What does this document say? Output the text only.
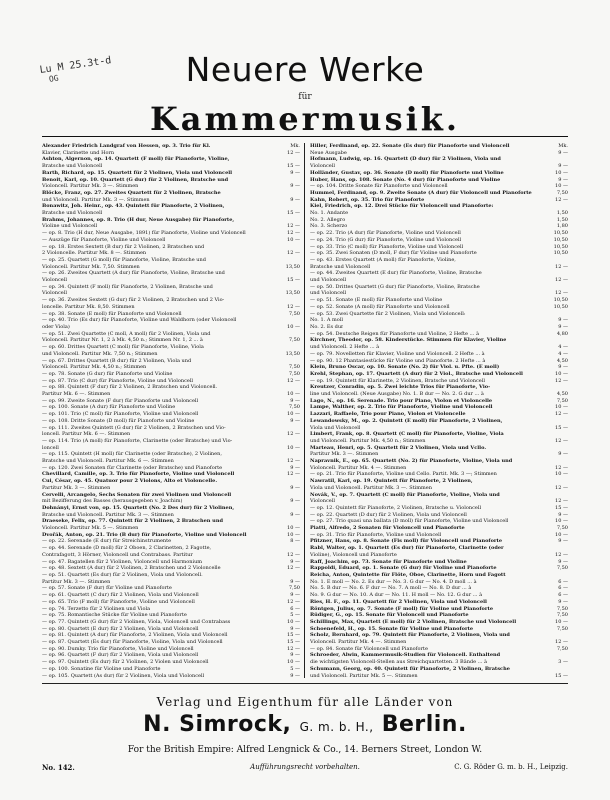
Lu M 25.3t-d
OG	Neuere Werke
für
Kammermusik.
Alexander Friedrich Landgraf von Hessen, op. 3. Trio für Kl.	Mk.
Klavier, Clarinette und Horn	12 —
Ashton, Algernon, op. 14. Quartett (F moll) für Pianoforte, Violine,
Bratsche und Violoncell	15 —
Barth, Richard, op. 15. Quartett für 2 Violinen, Viola und Violoncell	9 —
Benoit, Karl, op. 10. Quartett (G dur) für 2 Violinen, Bratsche und
Violoncell. Partitur Mk. 3 —. Stimmen	9 —
Blöcke, Franz, op. 27. Zweites Quartett für 2 Violinen, Bratsche
und Violoncell. Partitur Mk. 3 —. Stimmen	9 —
Bonawitz, Joh. Heinr., op. 43. Quintett für Pianoforte, 2 Violinen,
Bratsche und Violoncell	15 —
Brahms, Johannes, op. 8. Trio (H dur, Neue Ausgabe) für Pianoforte,
Violine und Violoncell	12 —
— op. 8. Trio (H dur, Neue Ausgabe, 1891) für Pianoforte, Violine und Violoncell	12 —
— Auszüge für Pianoforte, Violine und Violoncell	10 —
— op. 18. Erstes Sextett (B dur) für 2 Violinen, 2 Bratschen und
2 Violoncelle. Partitur Mk. 8 —. Stimmen	12 —
— op. 25. Quartett (G moll) für Pianoforte, Violine, Bratsche und
Violoncell. Partitur Mk. 7,50. Stimmen	13,50
— op. 26. Zweites Quartett (A dur) für Pianoforte, Violine, Bratsche und
Violoncell	15 —
— op. 34. Quintett (F moll) für Pianoforte, 2 Violinen, Bratsche und
Violoncell	13,50
— op. 36. Zweites Sextett (G dur) für 2 Violinen, 2 Bratschen und 2 Vio-
loncelle. Partitur Mk. 8,50. Stimmen	12 —
— op. 38. Sonate (E moll) für Pianoforte und Violoncell	7,50
— op. 40. Trio (Es dur) für Pianoforte, Violine und Waldhorn (oder Violoncell
oder Viola)	10 —
— op. 51. Zwei Quartette (C moll, A moll) für 2 Violinen, Viola und
Violoncell. Partitur Nr. 1, 2 à Mk. 4,50 n.; Stimmen Nr. 1, 2 ... à	7,50
— op. 60. Drittes Quartett (C moll) für Pianoforte, Violine, Viola
und Violoncell. Partitur Mk. 7,50 n.; Stimmen	13,50
— op. 67. Drittes Quartett (B dur) für 2 Violinen, Viola und
Violoncell. Partitur Mk. 4,50 n.; Stimmen	7,50
— op. 78. Sonate (G dur) für Pianoforte und Violine	7,50
— op. 87. Trio (C dur) für Pianoforte, Violine und Violoncell	12 —
— op. 88. Quintett (F dur) für 2 Violinen, 2 Bratschen und Violoncell.
Partitur Mk. 6 —. Stimmen	10 —
— op. 99. Zweite Sonate (F dur) für Pianoforte und Violoncell	9 —
— op. 100. Sonate (A dur) für Pianoforte und Violine	7,50
— op. 101. Trio (C moll) für Pianoforte, Violine und Violoncell	10 —
— op. 108. Dritte Sonate (D moll) für Pianoforte und Violine	9 —
— op. 111. Zweites Quintett (G dur) für 2 Violinen, 2 Bratschen und Vio-
loncell. Partitur Mk. 6 —. Stimmen	12 —
— op. 114. Trio (A moll) für Pianoforte, Clarinette (oder Bratsche) und Vio-
loncell	10 —
— op. 115. Quintett (H moll) für Clarinette (oder Bratsche), 2 Violinen,
Bratsche und Violoncell. Partitur Mk. 6 —. Stimmen	12 —
— op. 120. Zwei Sonaten für Clarinette (oder Bratsche) und Pianoforte	9 —
Chevillard, Camille, op. 3. Trio für Pianoforte, Violine und Violoncell	12 —
Cui, César, op. 45. Quatuor pour 2 Violons, Alto et Violoncelle.
Partitur Mk. 3 —. Stimmen	9 —
Cervelli, Arcangelo, Sechs Sonaten für zwei Violinen und Violoncell
mit Bezifferung des Basses (herausgegeben v. Joachim)	9 —
Dohnányi, Ernst von, op. 15. Quartett (No. 2 Des dur) für 2 Violinen,
Bratsche und Violoncell. Partitur Mk. 3 —. Stimmen	9 —
Draeseke, Felix, op. 77. Quintett für 2 Violinen, 2 Bratschen und
Violoncell. Partitur Mk. 5 —. Stimmen	10 —
Dvořák, Anton, op. 21. Trio (B dur) für Pianoforte, Violine und Violoncell	10 —
— op. 22. Serenade (E dur) für Streichinstrumente	8 —
— op. 44. Serenade (D moll) für 2 Oboen, 2 Clarinetten, 2 Fagotte,
Contrafagott, 3 Hörner, Violoncell und Contrabass. Partitur	12 —
— op. 47. Bagatellen für 2 Violinen, Violoncell und Harmonium	9 —
— op. 48. Sextett (A dur) für 2 Violinen, 2 Bratschen und 2 Violoncelle	12 —
— op. 51. Quartett (Es dur) für 2 Violinen, Viola und Violoncell.
Partitur Mk. 3 —. Stimmen	9 —
— op. 57. Sonate (F dur) für Violine und Pianoforte	7,50
— op. 61. Quartett (C dur) für 2 Violinen, Viola und Violoncell	9 —
— op. 65. Trio (F moll) für Pianoforte, Violine und Violoncell	12 —
— op. 74. Terzetto für 2 Violinen und Viola	6 —
— op. 75. Romantische Stücke für Violine und Pianoforte	5 —
— op. 77. Quintett (G dur) für 2 Violinen, Viola, Violoncell und Contrabass	10 —
— op. 80. Quartett (E dur) für 2 Violinen, Viola und Violoncell	9 —
— op. 81. Quintett (A dur) für Pianoforte, 2 Violinen, Viola und Violoncell	15 —
— op. 87. Quartett (Es dur) für Pianoforte, Violine, Viola und Violoncell	15 —
— op. 90. Dumky. Trio für Pianoforte, Violine und Violoncell	12 —
— op. 96. Quartett (F dur) für 2 Violinen, Viola und Violoncell	9 —
— op. 97. Quintett (Es dur) für 2 Violinen, 2 Violen und Violoncell	10 —
— op. 100. Sonatine für Violine und Pianoforte	5 —
— op. 105. Quartett (As dur) für 2 Violinen, Viola und Violoncell	9 —
Hiller, Ferdinand, op. 22. Sonate (Es dur) für Pianoforte und Violoncell	Mk.
Neue Ausgabe	9 —
Hofmann, Ludwig, op. 16. Quartett (D dur) für 2 Violinen, Viola und
Violoncell	9 —
Holländer, Gustav, op. 36. Sonate (D moll) für Pianoforte und Violine	10 —
Huber, Hans, op. 108. Sonate (No. 4 dur) für Pianoforte und Violine	9 —
— op. 104. Dritte Sonate für Pianoforte und Violoncell	10 —
Hummel, Ferdinand, op. 9. Zweite Sonate (A dur) für Violoncell und Pianoforte	7,50
Kahn, Robert, op. 35. Trio für Pianoforte	12 —
Kiel, Friedrich, op. 12. Drei Stücke für Violoncell und Pianoforte:
No. 1. Andante	1,50
No. 2. Allegro	1,50
No. 3. Scherzo	1,80
— op. 22. Trio (A dur) für Pianoforte, Violine und Violoncell	10,50
— op. 24. Trio (G dur) für Pianoforte, Violine und Violoncell	10,50
— op. 33. Trio (C moll) für Pianoforte, Violine und Violoncell	10,50
— op. 35. Zwei Sonaten (D moll, F dur) für Violine und Pianoforte	10,50
— op. 43. Erstes Quartett (A moll) für Pianoforte, Violine,
Bratsche und Violoncell	12 —
— op. 44. Zweites Quartett (E dur) für Pianoforte, Violine, Bratsche
und Violoncell	12 —
— op. 50. Drittes Quartett (G dur) für Pianoforte, Violine, Bratsche
und Violoncell	12 —
— op. 51. Sonate (E moll) für Pianoforte und Violine	10,50
— op. 52. Sonate (A moll) für Pianoforte und Violoncell	10,50
— op. 53. Zwei Quartette für 2 Violinen, Viola und Violoncell:
No. 1. A moll	9 —
No. 2. Es dur	9 —
— op. 54. Deutsche Reigen für Pianoforte und Violine, 2 Hefte ... à	4,80
Kirchner, Theodor, op. 58. Kinderstücke. Stimmen für Klavier, Violine
und Violoncell. 2 Hefte ... à	4 —
— op. 79. Novelletten für Klavier, Violine und Violoncell. 2 Hefte ... à	4 —
— op. 90. 12 Phantasiestücke für Violine und Pianoforte. 2 Hefte ... à	4,50
Klein, Bruno Oscar, op. 10. Sonate (No. 2) für Viol. u. Pfte. (E moll)	9 —
Krehl, Stephan, op. 17. Quartett (A dur) für 2 Viol., Bratsche und Violoncell	10 —
— op. 19. Quintett für Klarinette, 2 Violinen, Bratsche und Violoncell	12 —
Kreutzer, Conradin, op. 5. Zwei leichte Trios für Pianoforte, Vio-
line und Violoncell. (Neue Ausgabe) No. 1. B dur — No. 2. G dur ... à	4,50
Lago, N., op. 16. Serenade. Trio pour Piano, Violon et Violoncelle	7,50
Lampe, Walther, op. 2. Trio für Pianoforte, Violine und Violoncell	10 —
Lazzari, Raffaelo, Trio pour Piano, Violon et Violoncelle	12 —
Lewandowsky, M., op. 2. Quintett (E moll) für Pianoforte, 2 Violinen,
Viola und Violoncell	15 —
Limbert, Frank, op. 8. Quartett (C moll) für Pianoforte, Violine, Viola
und Violoncell. Partitur Mk. 4,50 n.; Stimmen	12 —
Marteau, Henri, op. 5. Quartett für 2 Violinen, Viola und Vcllo.
Partitur Mk. 3 —. Stimmen	9 —
Napravnik, E., op. 65. Quartett (No. 2) für Pianoforte, Violine, Viola und
Violoncell. Partitur Mk. 4 —. Stimmen	12 —
— op. 21. Trio für Pianoforte, Violine und Cello. Partit. Mk. 3 —; Stimmen	10 —
Nawratil, Karl, op. 19. Quintett für Pianoforte, 2 Violinen,
Viola und Violoncell. Partitur Mk. 3 —. Stimmen	12 —
Novák, V., op. 7. Quartett (C moll) für Pianoforte, Violine, Viola und
Violoncell	12 —
— op. 12. Quintett für Pianoforte, 2 Violinen, Bratsche u. Violoncell	15 —
— op. 22. Quartett (D dur) für 2 Violinen, Viola und Violoncell	9 —
— op. 27. Trio quasi una ballata (D moll) für Pianoforte, Violine und Violoncell	10 —
Piatti, Alfredo, 2 Sonaten für Violoncell und Pianoforte	7,50
— op. 31. Trio für Pianoforte, Violine und Violoncell	10 —
Pfitzner, Hans, op. 8. Sonate (Fis moll) für Violoncell und Pianoforte	9 —
Rabl, Walter, op. 1. Quartett (Es dur) für Pianoforte, Clarinette (oder
Violine), Violoncell und Pianoforte	12 —
Raff, Joachim, op. 73. Sonate für Pianoforte und Violine	9 —
Rappoldi, Eduard, op. 1. Sonate (G dur) für Violine und Pianoforte	7,50
Reicha, Anton, Quintette für Flöte, Oboe, Clarinette, Horn und Fagott
No. 1. E moll — No. 2. Es dur — No. 3. G dur — No. 4. D moll ... à	6 —
No. 5. B dur — No. 6. F dur — No. 7. A moll — No. 8. D dur ... à	6 —
No. 9. G dur — No. 10. A dur — No. 11. H moll — No. 12. G dur ... à	6 —
Ries, H. F., op. 11. Quartett für 2 Violinen, Viola und Violoncell	9 —
Röntgen, Julius, op. 7. Sonate (F moll) für Violine und Pianoforte	7,50
Rüdiger, G., op. 15. Sonate für Violoncell und Pianoforte	7,50
Schillings, Max, Quartett (E moll) für 2 Violinen, Bratsche und Violoncell	10 —
Schoenefeld, H., op. 15. Sonate für Violine und Pianoforte	7,50
Scholz, Bernhard, op. 79. Quintett für Pianoforte, 2 Violinen, Viola und
Violoncell. Partitur Mk. 4 —. Stimmen	12 —
— op. 84. Sonate für Violoncell und Pianoforte	7,50
Schroeder, Alwin, Kammermusik-Studien für Violoncell. Enthaltend
die wichtigsten Violoncell-Stellen aus Streichquartetten. 3 Bände ... à	3 —
Schumann, Georg, op. 40. Quintett für Pianoforte, 2 Violinen, Bratsche
und Violoncell. Partitur Mk. 5 —. Stimmen	15 —
Verlag und Eigenthum für alle Länder von
N. Simrock, G. m. b. H., Berlin.
For the British Empire: Alfred Lengnick & Co., 14. Berners Street, London W.
No. 142.	Aufführungsrecht vorbehalten.	C. G. Röder G. m. b. H., Leipzig.
